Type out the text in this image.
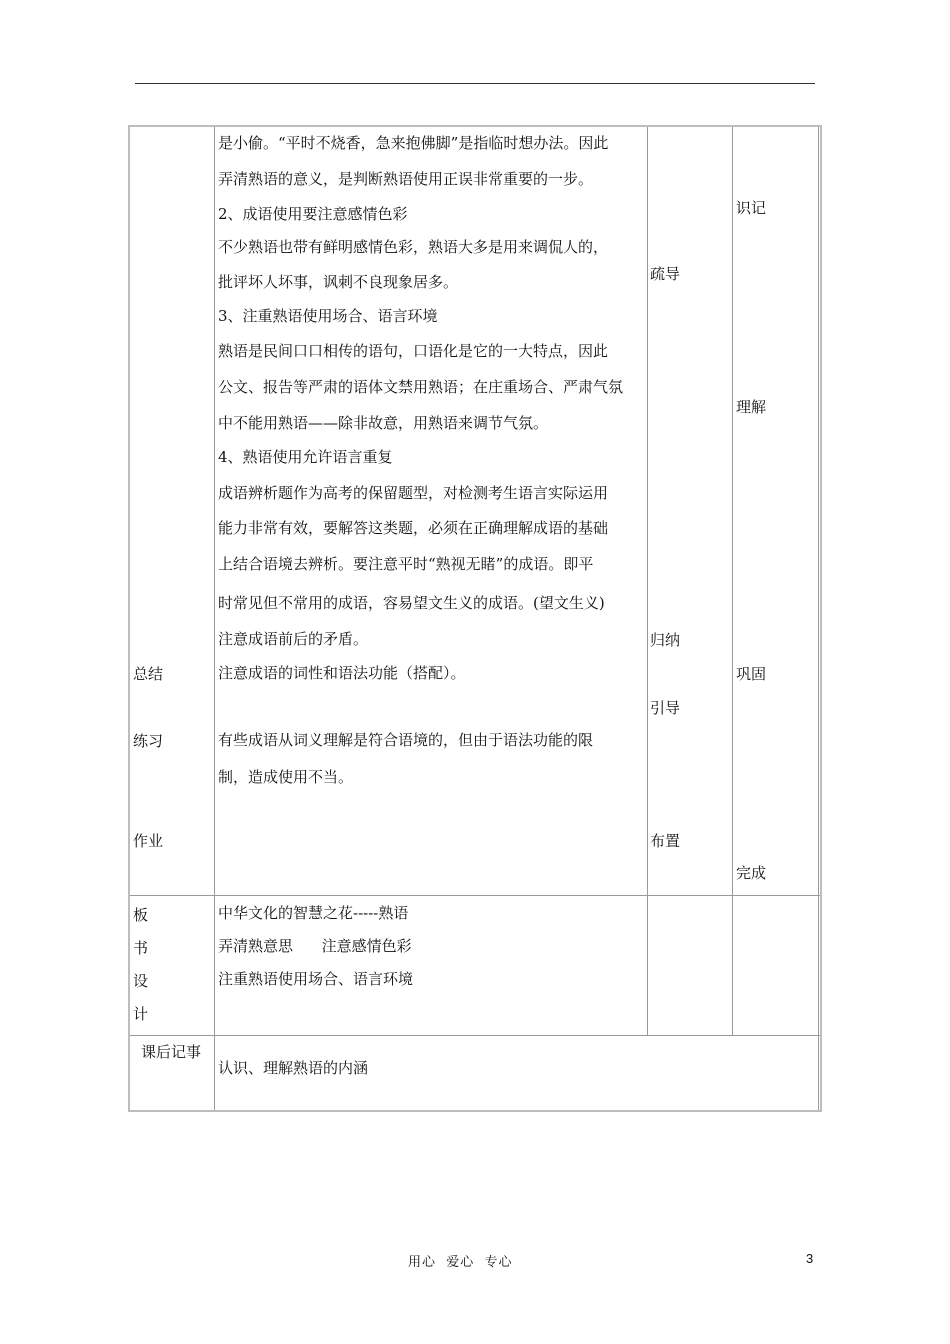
是小偷。“平时不烧香，急来抱佛脚”是指临时想办法。因此
弄清熟语的意义，是判断熟语使用正误非常重要的一步。
2、成语使用要注意感情色彩
不少熟语也带有鲜明感情色彩，熟语大多是用来调侃人的，
批评坏人坏事，讽刺不良现象居多。
3、注重熟语使用场合、语言环境
熟语是民间口口相传的语句，口语化是它的一大特点，因此
公文、报告等严肃的语体文禁用熟语；在庄重场合、严肃气氛
中不能用熟语——除非故意，用熟语来调节气氛。
4、熟语使用允许语言重复
成语辨析题作为高考的保留题型，对检测考生语言实际运用
能力非常有效，要解答这类题，必须在正确理解成语的基础
上结合语境去辨析。要注意平时“熟视无睹”的成语。即平
时常见但不常用的成语，容易望文生义的成语。(望文生义)
注意成语前后的矛盾。
注意成语的词性和语法功能（搭配）。
有些成语从词义理解是符合语境的，但由于语法功能的限
制，造成使用不当。
总结
练习
作业
疏导
归纳
引导
布置
识记
理解
巩固
完成
板
书
设
计
中华文化的智慧之花-----熟语
弄清熟意思      注意感情色彩
注重熟语使用场合、语言环境
课后记事
认识、理解熟语的内涵
用心  爱心  专心	3
